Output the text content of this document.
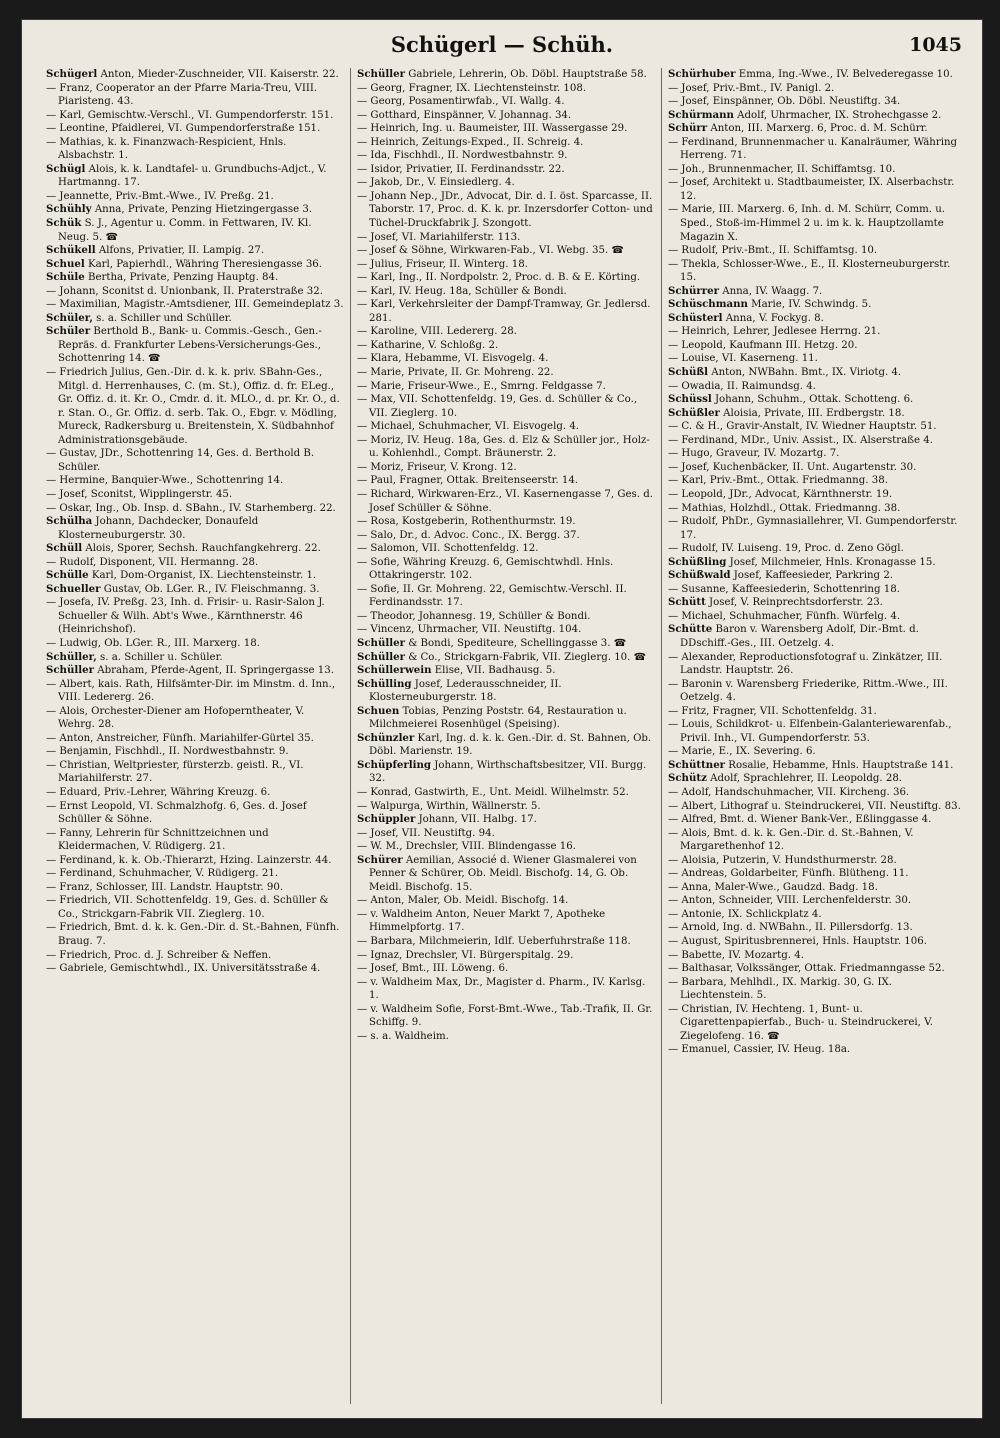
Schügerl — Schüh.	1045

Schügerl Anton, Mieder-Zuschneider, VII. Kaiserstr. 22.

— Franz, Cooperator an der Pfarre Maria-Treu, VIII. Piaristeng. 43.

— Karl, Gemischtw.-Verschl., VI. Gumpendorferstr. 151.

— Leontine, Pfaidlerei, VI. Gumpendorferstraße 151.

— Mathias, k. k. Finanzwach-Respicient, Hnls. Alsbachstr. 1.

Schügl Alois, k. k. Landtafel- u. Grundbuchs-Adjct., V. Hartmanng. 17.

— Jeannette, Priv.-Bmt.-Wwe., IV. Preßg. 21.

Schühly Anna, Private, Penzing Hietzingergasse 3.

Schük S. J., Agentur u. Comm. in Fettwaren, IV. Kl. Neug. 5. ☎

Schükell Alfons, Privatier, II. Lampig. 27.

Schuel Karl, Papierhdl., Währing Theresiengasse 36.

Schüle Bertha, Private, Penzing Hauptg. 84.

— Johann, Sconitst d. Unionbank, II. Praterstraße 32.

— Maximilian, Magistr.-Amtsdiener, III. Gemeindeplatz 3.

Schüler, s. a. Schiller und Schüller.

Schüler Berthold B., Bank- u. Commis.-Gesch., Gen.-Repräs. d. Frankfurter Lebens-Versicherungs-Ges., Schottenring 14. ☎

— Friedrich Julius, Gen.-Dir. d. k. k. priv. SBahn-Ges., Mitgl. d. Herrenhauses, C. (m. St.), Offiz. d. fr. ELeg., Gr. Offiz. d. it. Kr. O., Cmdr. d. it. MLO., d. pr. Kr. O., d. r. Stan. O., Gr. Offiz. d. serb. Tak. O., Ebgr. v. Mödling, Mureck, Radkersburg u. Breitenstein, X. Südbahnhof Administrationsgebäude.

— Gustav, JDr., Schottenring 14, Ges. d. Berthold B. Schüler.

— Hermine, Banquier-Wwe., Schottenring 14.

— Josef, Sconitst, Wipplingerstr. 45.

— Oskar, Ing., Ob. Insp. d. SBahn., IV. Starhemberg. 22.

Schülha Johann, Dachdecker, Donaufeld Klosterneuburgerstr. 30.

Schüll Alois, Sporer, Sechsh. Rauchfangkehrerg. 22.

— Rudolf, Disponent, VII. Hermanng. 28.

Schülle Karl, Dom-Organist, IX. Liechtensteinstr. 1.

Schueller Gustav, Ob. LGer. R., IV. Fleischmanng. 3.

— Josefa, IV. Preßg. 23, Inh. d. Frisir- u. Rasir-Salon J. Schueller & Wilh. Abt's Wwe., Kärnthnerstr. 46 (Heinrichshof).

— Ludwig, Ob. LGer. R., III. Marxerg. 18.

Schüller, s. a. Schiller u. Schüler.

Schüller Abraham, Pferde-Agent, II. Springergasse 13.

— Albert, kais. Rath, Hilfsämter-Dir. im Minstm. d. Inn., VIII. Ledererg. 26.

— Alois, Orchester-Diener am Hofoperntheater, V. Wehrg. 28.

— Anton, Anstreicher, Fünfh. Mariahilfer-Gürtel 35.

— Benjamin, Fischhdl., II. Nordwestbahnstr. 9.

— Christian, Weltpriester, fürsterzb. geistl. R., VI. Mariahilferstr. 27.

— Eduard, Priv.-Lehrer, Währing Kreuzg. 6.

— Ernst Leopold, VI. Schmalzhofg. 6, Ges. d. Josef Schüller & Söhne.

— Fanny, Lehrerin für Schnittzeichnen und Kleidermachen, V. Rüdigerg. 21.

— Ferdinand, k. k. Ob.-Thierarzt, Hzing. Lainzerstr. 44.

— Ferdinand, Schuhmacher, V. Rüdigerg. 21.

— Franz, Schlosser, III. Landstr. Hauptstr. 90.

— Friedrich, VII. Schottenfeldg. 19, Ges. d. Schüller & Co., Strickgarn-Fabrik VII. Zieglerg. 10.

— Friedrich, Bmt. d. k. k. Gen.-Dir. d. St.-Bahnen, Fünfh. Braug. 7.

— Friedrich, Proc. d. J. Schreiber & Neffen.

— Gabriele, Gemischtwhdl., IX. Universitätsstraße 4.

Schüller Gabriele, Lehrerin, Ob. Döbl. Hauptstraße 58.

— Georg, Fragner, IX. Liechtensteinstr. 108.

— Georg, Posamentirwfab., VI. Wallg. 4.

— Gotthard, Einspänner, V. Johannag. 34.

— Heinrich, Ing. u. Baumeister, III. Wassergasse 29.

— Heinrich, Zeitungs-Exped., II. Schreig. 4.

— Ida, Fischhdl., II. Nordwestbahnstr. 9.

— Isidor, Privatier, II. Ferdinandsstr. 22.

— Jakob, Dr., V. Einsiedlerg. 4.

— Johann Nep., JDr., Advocat, Dir. d. I. öst. Sparcasse, II. Taborstr. 17, Proc. d. K. k. pr. Inzersdorfer Cotton- und Tüchel-Druckfabrik J. Szongott.

— Josef, VI. Mariahilferstr. 113.

— Josef & Söhne, Wirkwaren-Fab., VI. Webg. 35. ☎

— Julius, Friseur, II. Winterg. 18.

— Karl, Ing., II. Nordpolstr. 2, Proc. d. B. & E. Körting.

— Karl, IV. Heug. 18a, Schüller & Bondi.

— Karl, Verkehrsleiter der Dampf-Tramway, Gr. Jedlersd. 281.

— Karoline, VIII. Ledererg. 28.

— Katharine, V. Schloßg. 2.

— Klara, Hebamme, VI. Eisvogelg. 4.

— Marie, Private, II. Gr. Mohreng. 22.

— Marie, Friseur-Wwe., E., Smrng. Feldgasse 7.

— Max, VII. Schottenfeldg. 19, Ges. d. Schüller & Co., VII. Zieglerg. 10.

— Michael, Schuhmacher, VI. Eisvogelg. 4.

— Moriz, IV. Heug. 18a, Ges. d. Elz & Schüller jor., Holz- u. Kohlenhdl., Compt. Bräunerstr. 2.

— Moriz, Friseur, V. Krong. 12.

— Paul, Fragner, Ottak. Breitenseerstr. 14.

— Richard, Wirkwaren-Erz., VI. Kasernengasse 7, Ges. d. Josef Schüller & Söhne.

— Rosa, Kostgeberin, Rothenthurmstr. 19.

— Salo, Dr., d. Advoc. Conc., IX. Bergg. 37.

— Salomon, VII. Schottenfeldg. 12.

— Sofie, Währing Kreuzg. 6, Gemischtwhdl. Hnls. Ottakringerstr. 102.

— Sofie, II. Gr. Mohreng. 22, Gemischtw.-Verschl. II. Ferdinandsstr. 17.

— Theodor, Johannesg. 19, Schüller & Bondi.

— Vincenz, Uhrmacher, VII. Neustiftg. 104.

Schüller & Bondi, Spediteure, Schellinggasse 3. ☎

Schüller & Co., Strickgarn-Fabrik, VII. Zieglerg. 10. ☎

Schüllerwein Elise, VII. Badhausg. 5.

Schülling Josef, Lederausschneider, II. Klosterneuburgerstr. 18.

Schuen Tobias, Penzing Poststr. 64, Restauration u. Milchmeierei Rosenhügel (Speising).

Schünzler Karl, Ing. d. k. k. Gen.-Dir. d. St. Bahnen, Ob. Döbl. Marienstr. 19.

Schüpferling Johann, Wirthschaftsbesitzer, VII. Burgg. 32.

— Konrad, Gastwirth, E., Unt. Meidl. Wilhelmstr. 52.

— Walpurga, Wirthin, Wällnerstr. 5.

Schüppler Johann, VII. Halbg. 17.

— Josef, VII. Neustiftg. 94.

— W. M., Drechsler, VIII. Blindengasse 16.

Schürer Aemilian, Associé d. Wiener Glasmalerei von Penner & Schürer, Ob. Meidl. Bischofg. 14, G. Ob. Meidl. Bischofg. 15.

— Anton, Maler, Ob. Meidl. Bischofg. 14.

— v. Waldheim Anton, Neuer Markt 7, Apotheke Himmelpfortg. 17.

— Barbara, Milchmeierin, Idlf. Ueberfuhrstraße 118.

— Ignaz, Drechsler, VI. Bürgerspitalg. 29.

— Josef, Bmt., III. Löweng. 6.

— v. Waldheim Max, Dr., Magister d. Pharm., IV. Karlsg. 1.

— v. Waldheim Sofie, Forst-Bmt.-Wwe., Tab.-Trafik, II. Gr. Schiffg. 9.

— s. a. Waldheim.

Schürhuber Emma, Ing.-Wwe., IV. Belvederegasse 10.

— Josef, Priv.-Bmt., IV. Panigl. 2.

— Josef, Einspänner, Ob. Döbl. Neustiftg. 34.

Schürmann Adolf, Uhrmacher, IX. Strohechgasse 2.

Schürr Anton, III. Marxerg. 6, Proc. d. M. Schürr.

— Ferdinand, Brunnenmacher u. Kanalräumer, Währing Herreng. 71.

— Joh., Brunnenmacher, II. Schiffamtsg. 10.

— Josef, Architekt u. Stadtbaumeister, IX. Alserbachstr. 12.

— Marie, III. Marxerg. 6, Inh. d. M. Schürr, Comm. u. Sped., Stoß-im-Himmel 2 u. im k. k. Hauptzollamte Magazin X.

— Rudolf, Priv.-Bmt., II. Schiffamtsg. 10.

— Thekla, Schlosser-Wwe., E., II. Klosterneuburgerstr. 15.

Schürrer Anna, IV. Waagg. 7.

Schüschmann Marie, IV. Schwindg. 5.

Schüsterl Anna, V. Fockyg. 8.

— Heinrich, Lehrer, Jedlesee Herrng. 21.

— Leopold, Kaufmann III. Hetzg. 20.

— Louise, VI. Kaserneng. 11.

Schüßl Anton, NWBahn. Bmt., IX. Viriotg. 4.

— Owadia, II. Raimundsg. 4.

Schüssl Johann, Schuhm., Ottak. Schotteng. 6.

Schüßler Aloisia, Private, III. Erdbergstr. 18.

— C. & H., Gravir-Anstalt, IV. Wiedner Hauptstr. 51.

— Ferdinand, MDr., Univ. Assist., IX. Alserstraße 4.

— Hugo, Graveur, IV. Mozartg. 7.

— Josef, Kuchenbäcker, II. Unt. Augartenstr. 30.

— Karl, Priv.-Bmt., Ottak. Friedmanng. 38.

— Leopold, JDr., Advocat, Kärnthnerstr. 19.

— Mathias, Holzhdl., Ottak. Friedmanng. 38.

— Rudolf, PhDr., Gymnasiallehrer, VI. Gumpendorferstr. 17.

— Rudolf, IV. Luiseng. 19, Proc. d. Zeno Gögl.

Schüßling Josef, Milchmeier, Hnls. Kronagasse 15.

Schüßwald Josef, Kaffeesieder, Parkring 2.

— Susanne, Kaffeesiederin, Schottenring 18.

Schütt Josef, V. Reinprechtsdorferstr. 23.

— Michael, Schuhmacher, Fünfh. Würfelg. 4.

Schütte Baron v. Warensberg Adolf, Dir.-Bmt. d. DDschiff.-Ges., III. Oetzelg. 4.

— Alexander, Reproductionsfotograf u. Zinkätzer, III. Landstr. Hauptstr. 26.

— Baronin v. Warensberg Friederike, Rittm.-Wwe., III. Oetzelg. 4.

— Fritz, Fragner, VII. Schottenfeldg. 31.

— Louis, Schildkrot- u. Elfenbein-Galanteriewarenfab., Privil. Inh., VI. Gumpendorferstr. 53.

— Marie, E., IX. Severing. 6.

Schüttner Rosalie, Hebamme, Hnls. Hauptstraße 141.

Schütz Adolf, Sprachlehrer, II. Leopoldg. 28.

— Adolf, Handschuhmacher, VII. Kircheng. 36.

— Albert, Lithograf u. Steindruckerei, VII. Neustiftg. 83.

— Alfred, Bmt. d. Wiener Bank-Ver., Eßlinggasse 4.

— Alois, Bmt. d. k. k. Gen.-Dir. d. St.-Bahnen, V. Margarethenhof 12.

— Aloisia, Putzerin, V. Hundsthurmerstr. 28.

— Andreas, Goldarbeiter, Fünfh. Blütheng. 11.

— Anna, Maler-Wwe., Gaudzd. Badg. 18.

— Anton, Schneider, VIII. Lerchenfelderstr. 30.

— Antonie, IX. Schlickplatz 4.

— Arnold, Ing. d. NWBahn., II. Pillersdorfg. 13.

— August, Spiritusbrennerei, Hnls. Hauptstr. 106.

— Babette, IV. Mozartg. 4.

— Balthasar, Volkssänger, Ottak. Friedmanngasse 52.

— Barbara, Mehlhdl., IX. Markig. 30, G. IX. Liechtenstein. 5.

— Christian, IV. Hechteng. 1, Bunt- u. Cigarettenpapierfab., Buch- u. Steindruckerei, V. Ziegelofeng. 16. ☎

— Emanuel, Cassier, IV. Heug. 18a.
